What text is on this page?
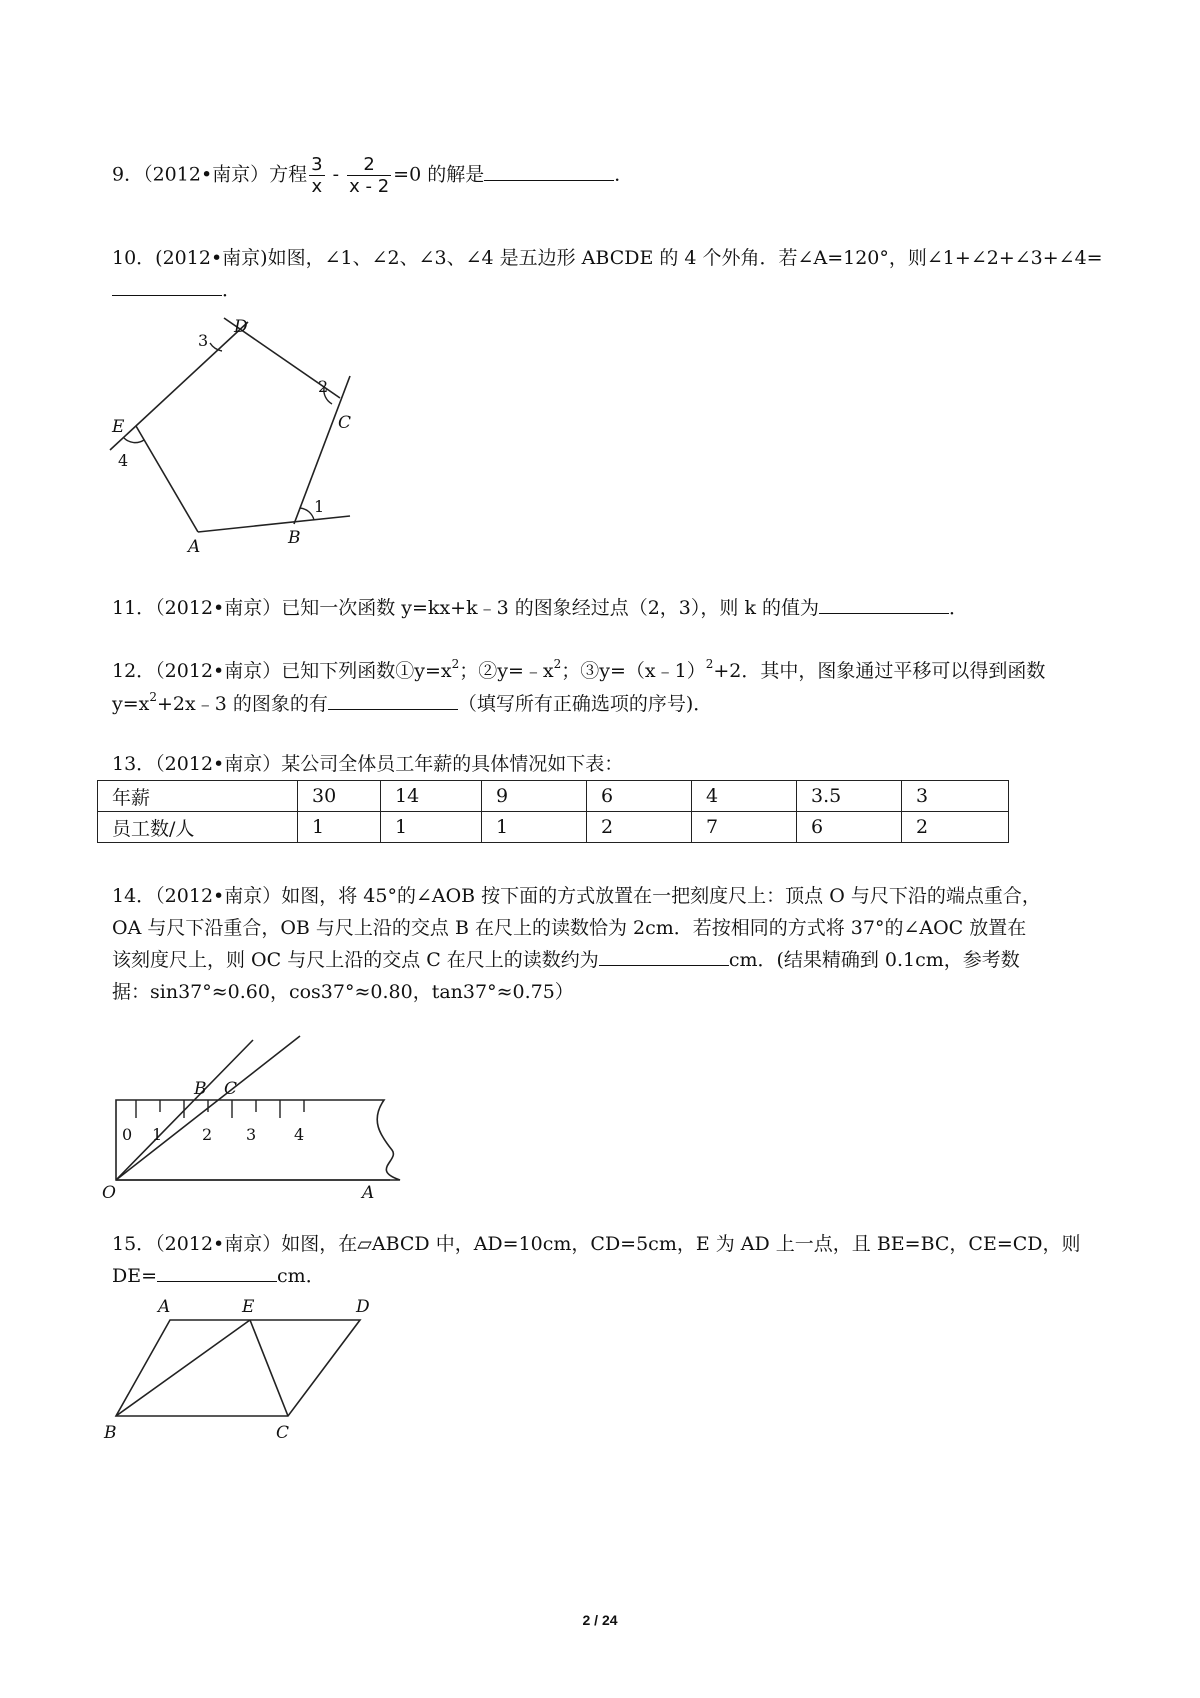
9．（2012•南京）方程 $\frac{3}{x} - \frac{2}{x - 2} =0$ 的解是	．
10．(2012•南京)如图，∠1、∠2、∠3、∠4 是五边形 ABCDE 的 4 个外角．若∠A=120°，则∠1+∠2+∠3+∠4=
．
D
C
E
A	B
3
2
1
4
11．（2012•南京）已知一次函数 y=kx+k﹣3 的图象经过点（2，3），则 k 的值为	．
12．（2012•南京）已知下列函数$①y=x^2$；$②y=﹣x^2$；③y=（x﹣1）$^2$+2．其中，图象通过平移可以得到函数
$y=x^2+2x﹣3$ 的图象的有	（填写所有正确选项的序号)．
13．（2012•南京）某公司全体员工年薪的具体情况如下表：
年薪	30	14	9	6	4	3.5	3
员工数/人	1	1	1	2	7	6	2
14．（2012•南京）如图，将 45°的∠AOB 按下面的方式放置在一把刻度尺上：顶点 O 与尺下沿的端点重合，
OA 与尺下沿重合，OB 与尺上沿的交点 B 在尺上的读数恰为 2cm．若按相同的方式将 37°的∠AOC 放置在
该刻度尺上，则 OC 与尺上沿的交点 C 在尺上的读数约为	cm．(结果精确到 0.1cm，参考数
据：sin37°≈0.60，cos37°≈0.80，tan37°≈0.75）
0 1 2 3 4
B C
O	A
15．（2012•南京）如图，在▱ABCD 中，AD=10cm，CD=5cm，E 为 AD 上一点，且 BE=BC，CE=CD，则
DE=	cm．
A	E	D
B	C
2 / 24
